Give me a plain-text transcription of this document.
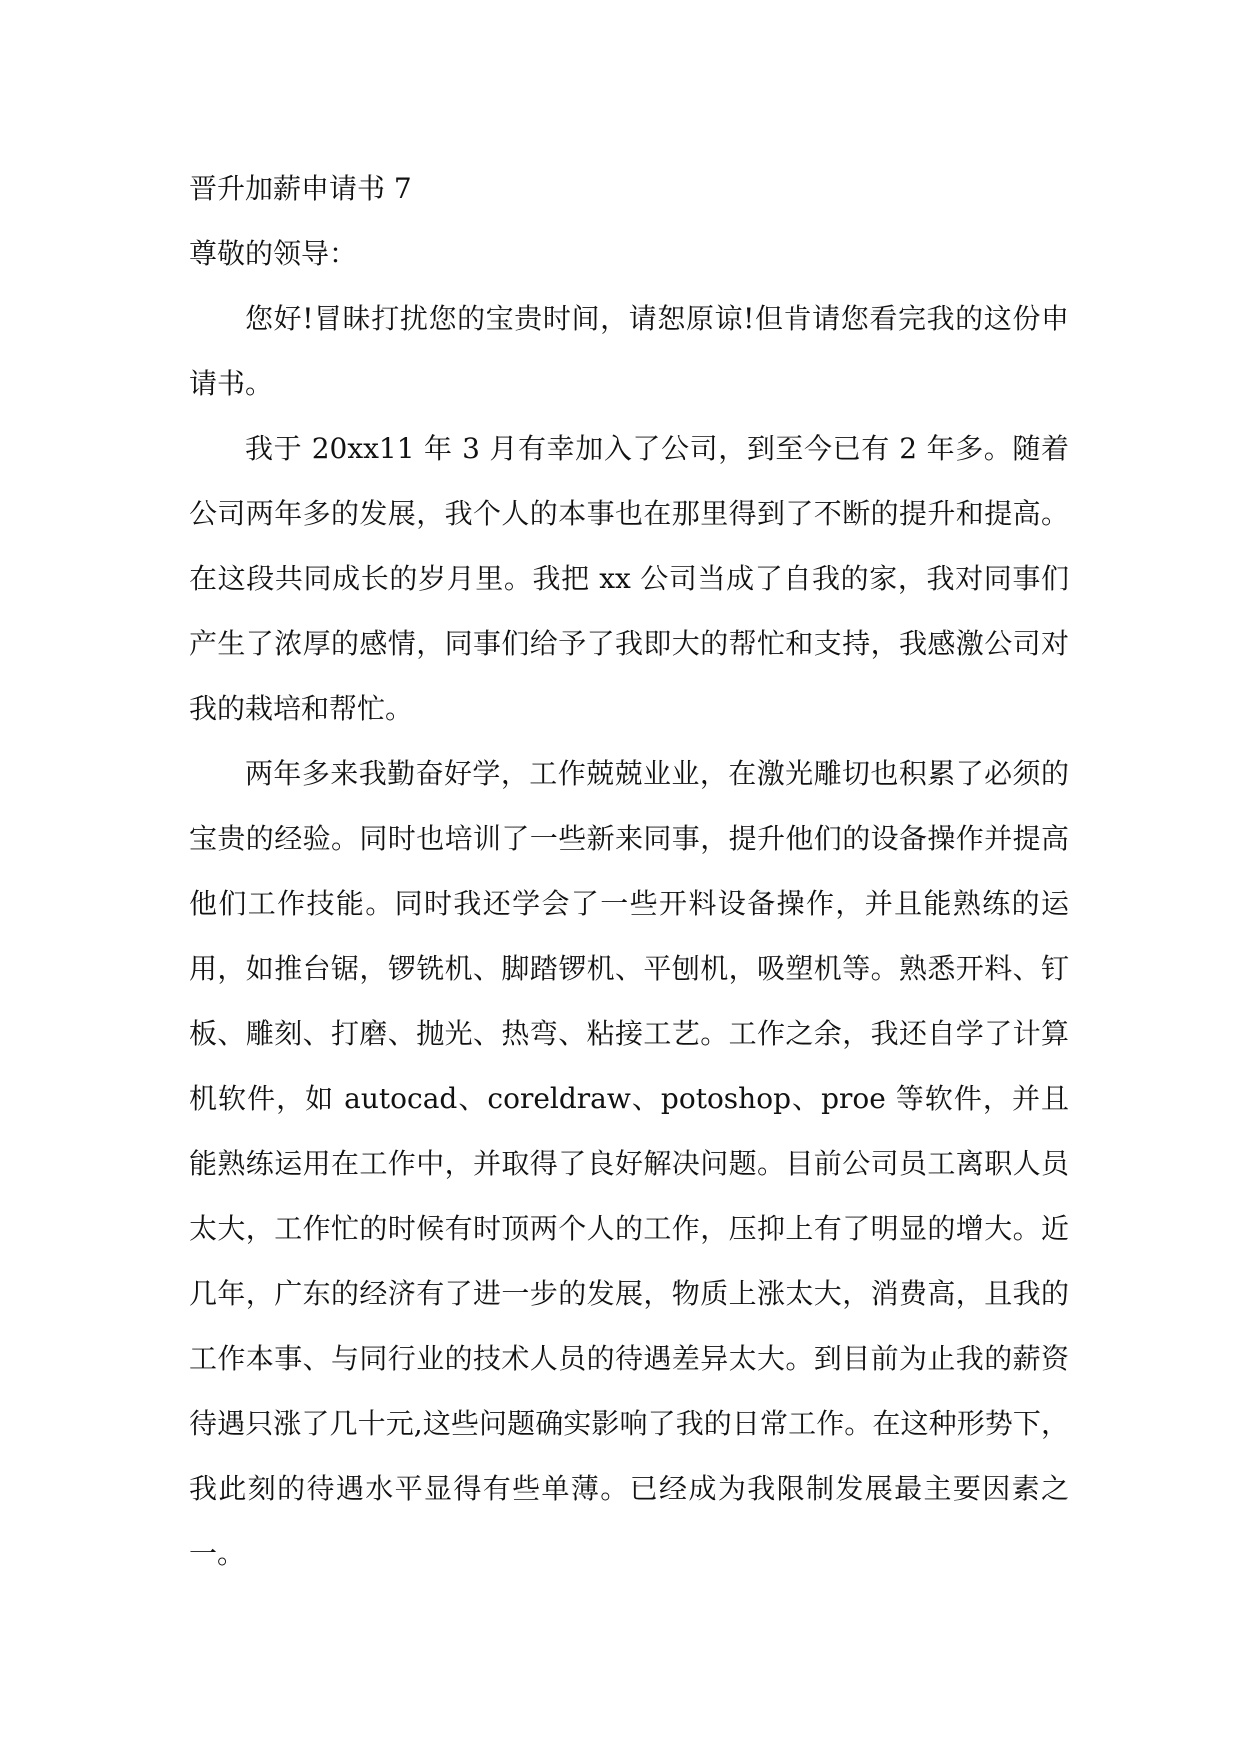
晋升加薪申请书 7

尊敬的领导：

您好!冒昧打扰您的宝贵时间，请恕原谅!但肯请您看完我的这份申请书。

我于 20xx11 年 3 月有幸加入了公司，到至今已有 2 年多。随着公司两年多的发展，我个人的本事也在那里得到了不断的提升和提高。在这段共同成长的岁月里。我把 xx 公司当成了自我的家，我对同事们产生了浓厚的感情，同事们给予了我即大的帮忙和支持，我感激公司对我的栽培和帮忙。

两年多来我勤奋好学，工作兢兢业业，在激光雕切也积累了必须的宝贵的经验。同时也培训了一些新来同事，提升他们的设备操作并提高他们工作技能。同时我还学会了一些开料设备操作，并且能熟练的运用，如推台锯，锣铣机、脚踏锣机、平刨机，吸塑机等。熟悉开料、钉板、雕刻、打磨、抛光、热弯、粘接工艺。工作之余，我还自学了计算机软件，如 autocad、coreldraw、potoshop、proe 等软件，并且能熟练运用在工作中，并取得了良好解决问题。目前公司员工离职人员太大，工作忙的时候有时顶两个人的工作，压抑上有了明显的增大。近几年，广东的经济有了进一步的发展，物质上涨太大，消费高，且我的工作本事、与同行业的技术人员的待遇差异太大。到目前为止我的薪资待遇只涨了几十元,这些问题确实影响了我的日常工作。在这种形势下，我此刻的待遇水平显得有些单薄。已经成为我限制发展最主要因素之一。
